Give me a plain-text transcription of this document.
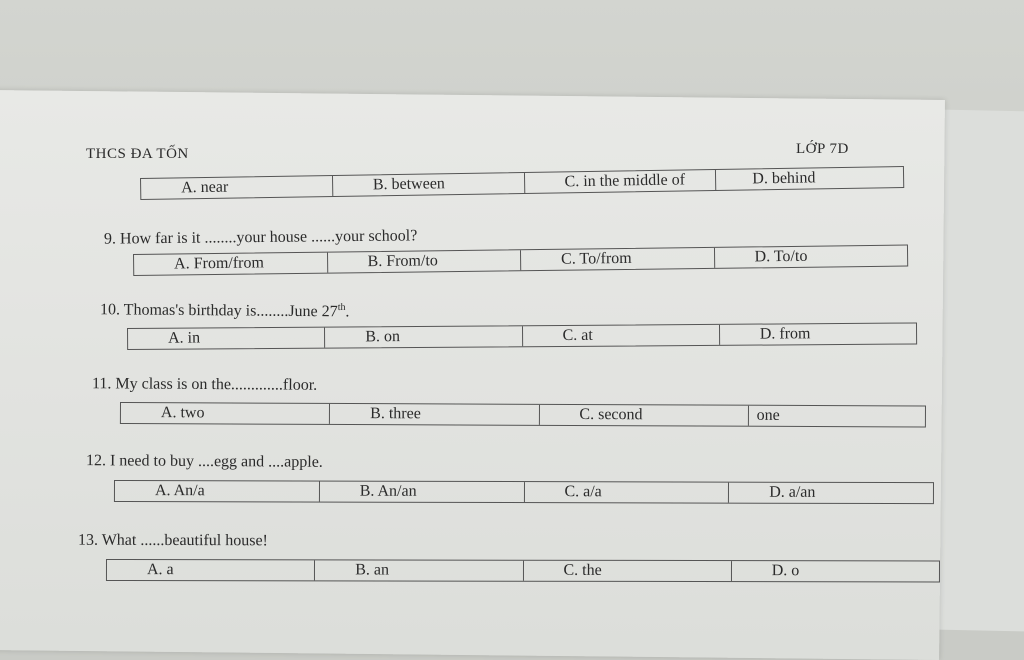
THCS ĐA TỐN	LỚP 7D
A. near	B. between	C. in the middle of	D. behind
9. How far is it ........your house ......your school?
A. From/from	B. From/to	C. To/from	D. To/to
10. Thomas's birthday is........June 27th.
A. in	B. on	C. at	D. from
11. My class is on the.............floor.
A. two	B. three	C. second	one
12. I need to buy ....egg and ....apple.
A. An/a	B. An/an	C. a/a	D. a/an
13. What ......beautiful house!
A. a	B. an	C. the	D. o
